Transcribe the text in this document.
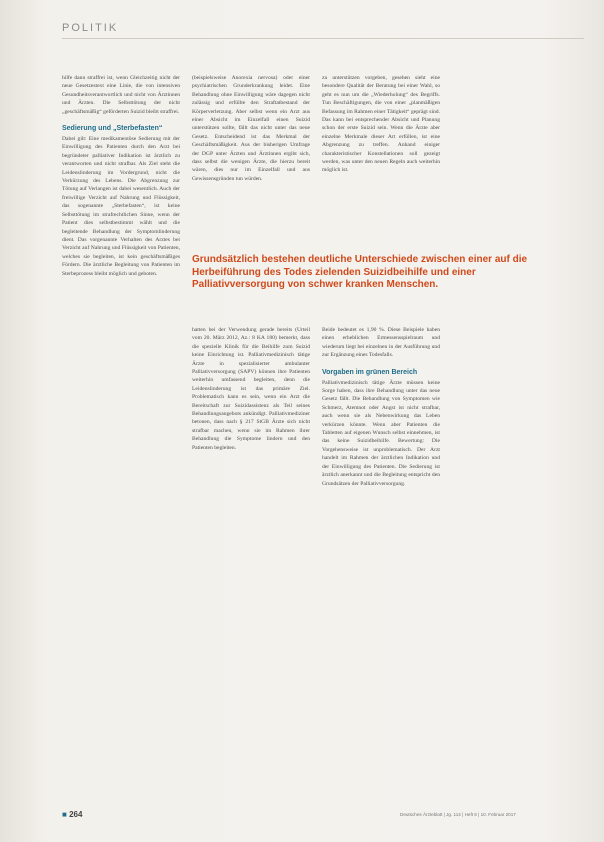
POLITIK

hilfe dann straffrei ist, wenn Gleichzeitig nicht der neue Gesetzestext eine Linie, die von intensiven Gesundheitsverantwortlich und nicht von Ärztinnen und Ärzten. Die Selbsttötung der nicht „geschäftsmäßig“ geförderten Suizid bleibt straffrei.

Sedierung und „Sterbefasten“

Dabei gilt: Eine medikamentöse Sedierung mit der Einwilligung des Patienten durch den Arzt bei begründeter palliativer Indikation ist ärztlich zu verantworten und nicht strafbar. Als Ziel steht die Leidenslinderung im Vordergrund, nicht die Verkürzung des Lebens. Die Abgrenzung zur Tötung auf Verlangen ist dabei wesentlich. Auch der freiwillige Verzicht auf Nahrung und Flüssigkeit, das sogenannte „Sterbefasten“, ist keine Selbsttötung im strafrechtlichen Sinne, wenn der Patient dies selbstbestimmt wählt und die begleitende Behandlung der Symptomlinderung dient. Das vorgenannte Verhalten des Arztes bei Verzicht auf Nahrung und Flüssigkeit von Patienten, welches sie begleiten, ist kein geschäftsmäßiges Fördern. Die ärztliche Begleitung von Patienten im Sterbeprozess bleibt möglich und geboten.

(beispielsweise Anorexia nervosa) oder einer psychiatrischen Grunderkrankung leidet. Eine Behandlung ohne Einwilligung wäre dagegen nicht zulässig und erfüllte den Straftatbestand der Körperverletzung. Aber selbst wenn ein Arzt aus einer Absicht im Einzelfall einen Suizid unterstützen sollte, fällt das nicht unter das neue Gesetz. Entscheidend ist das Merkmal der Geschäftsmäßigkeit. Aus der bisherigen Umfrage der DGP unter Ärzten und Ärztinnen ergibt sich, dass selbst die wenigen Ärzte, die hierzu bereit wären, dies nur im Einzelfall und aus Gewissensgründen tun würden.

zu unterstützen vorgeben, gesehen sieht eine besondere Qualität der Beratung bei einer Wahl, so geht es nun um die „Wiederholung“ des Begriffs. Tun Beschäftigungen, die von einer „planmäßigen Befassung im Rahmen einer Tätigkeit“ geprägt sind. Das kann bei entsprechender Absicht und Planung schon der erste Suizid sein. Wenn die Ärzte aber einzelne Merkmale dieser Art erfüllen, ist eine Abgrenzung zu treffen. Anhand einiger charakteristischer Konstellationen soll gezeigt werden, was unter den neuen Regeln auch weiterhin möglich ist.

Grundsätzlich bestehen deutliche Unterschiede zwischen einer auf die Herbeiführung des Todes zielenden Suizidbeihilfe und einer Palliativversorgung von schwer kranken Menschen.

hatten bei der Verwendung gerade bereits (Urteil vom 20. März 2012, Az.: 8 KA 180) bemerkt, dass die spezielle Klinik für die Beihilfe zum Suizid keine Einrichtung ist. Palliativmedizinisch tätige Ärzte in spezialisierter ambulanter Palliativversorgung (SAPV) können ihre Patienten weiterhin umfassend begleiten, denn die Leidenslinderung ist das primäre Ziel. Problematisch kann es sein, wenn ein Arzt die Bereitschaft zur Suizidassistenz als Teil seines Behandlungsangebots ankündigt. Palliativmediziner betonen, dass nach § 217 StGB Ärzte sich nicht strafbar machen, wenn sie im Rahmen ihrer Behandlung die Symptome lindern und den Patienten begleiten.

Beide bedeutet es 1,90 %. Diese Beispiele haben einen erheblichen Ermessensspielraum und wiederum liegt bei einzelnen in der Ausführung und zur Ergänzung eines Todesfalls.

Vorgaben im grünen Bereich

Palliativmedizinisch tätige Ärzte müssen keine Sorge haben, dass ihre Behandlung unter das neue Gesetz fällt. Die Behandlung von Symptomen wie Schmerz, Atemnot oder Angst ist nicht strafbar, auch wenn sie als Nebenwirkung das Leben verkürzen könnte. Wenn aber Patienten die Tabletten auf eigenen Wunsch selbst einnehmen, ist das keine Suizidbeihilfe. Bewertung: Die Vorgehensweise ist unproblematisch. Der Arzt handelt im Rahmen der ärztlichen Indikation und der Einwilligung des Patienten. Die Sedierung ist ärztlich anerkannt und die Begleitung entspricht den Grundsätzen der Palliativversorgung.

■ 264	Deutsches Ärzteblatt | Jg. 114 | Heft 6 | 10. Februar 2017
